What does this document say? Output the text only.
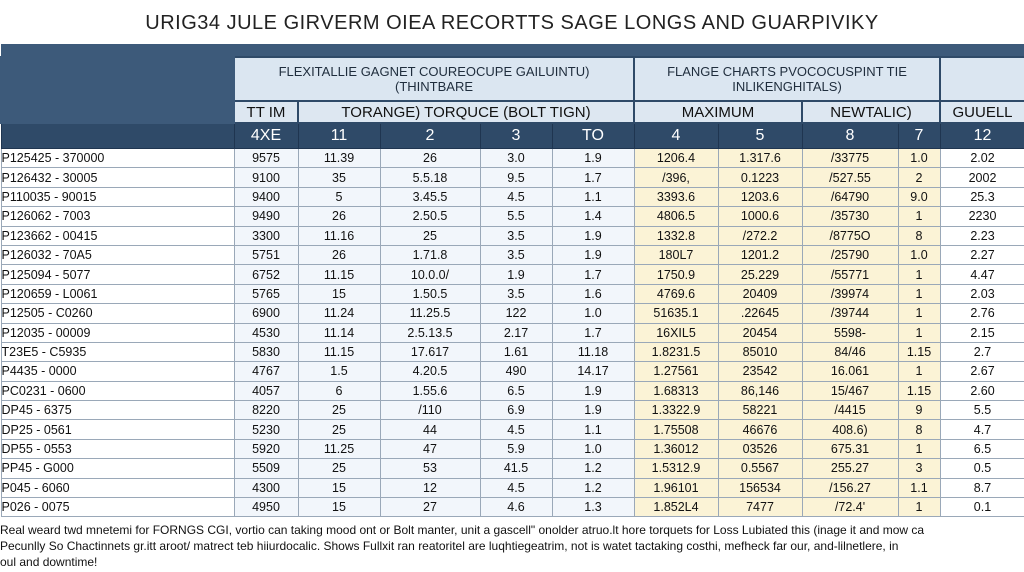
URIG34 JULE GIRVERM OIEA RECORTTS SAGE LONGS AND GUARPIVIKY

	FLEXITALLIE GAGNET COUREOCUPE GAILUINTU) (THINTBARE					FLANGE CHARTS PVOCOCUSPINT TIE INLIKENGHITALS)				
	TT IM	TORANGE) TORQUCE (BOLT TIGN)				MAXIMUM		NEWTALIC)		GUUELL
	4XE	11	2	3	TO	4	5	8	7	12
P125425 - 370000	9575	11.39	26	3.0	1.9	1206.4	1.317.6	/33775	1.0	2.02
P126432 - 30005	9100	35	5.5.18	9.5	1.7	/396,	0.1223	/527.55	2	2002
P110035 - 90015	9400	5	3.45.5	4.5	1.1	3393.6	1203.6	/64790	9.0	25.3
P126062 - 7003	9490	26	2.50.5	5.5	1.4	4806.5	1000.6	/35730	1	2230
P123662 - 00415	3300	11.16	25	3.5	1.9	1332.8	/272.2	/8775O	8	2.23
P126032 - 70A5	5751	26	1.71.8	3.5	1.9	180L7	1201.2	/25790	1.0	2.27
P125094 - 5077	6752	11.15	10.0.0/	1.9	1.7	1750.9	25.229	/55771	1	4.47
P120659 - L0061	5765	15	1.50.5	3.5	1.6	4769.6	20409	/39974	1	2.03
P12505 - C0260	6900	11.24	11.25.5	122	1.0	51635.1	.22645	/39744	1	2.76
P12035 - 00009	4530	11.14	2.5.13.5	2.17	1.7	16XIL5	20454	5598-	1	2.15
T23E5 - C5935	5830	11.15	17.617	1.61	11.18	1.8231.5	85010	84/46	1.15	2.7
P4435 - 0000	4767	1.5	4.20.5	490	14.17	1.27561	23542	16.061	1	2.67
PC0231 - 0600	4057	6	1.55.6	6.5	1.9	1.68313	86,146	15/467	1.15	2.60
DP45 - 6375	8220	25	/110	6.9	1.9	1.3322.9	58221	/4415	9	5.5
DP25 - 0561	5230	25	44	4.5	1.1	1.75508	46676	408.6)	8	4.7
DP55 - 0553	5920	11.25	47	5.9	1.0	1.36012	03526	675.31	1	6.5
PP45 - G000	5509	25	53	41.5	1.2	1.5312.9	0.5567	255.27	3	0.5
P045 - 6060	4300	15	12	4.5	1.2	1.96101	156534	/156.27	1.1	8.7
P026 - 0075	4950	15	27	4.6	1.3	1.852L4	7477	/72.4'	1	0.1
Real weard twd mnetemi for FORNGS CGI, vortio can taking mood ont or Bolt manter, unit a gascell" onolder atruo.lt hore torquets for Loss Lubiated this (inage it and mow ca
Pecunlly So Chactinnets gr.itt aroot/ matrect teb hiiurdocalic. Shows Fullxit ran reatoritel are luqhtiegeatrim, not is watet tactaking costhi, mefheck far our, and-lilnetlere, in
oul and downtime!
